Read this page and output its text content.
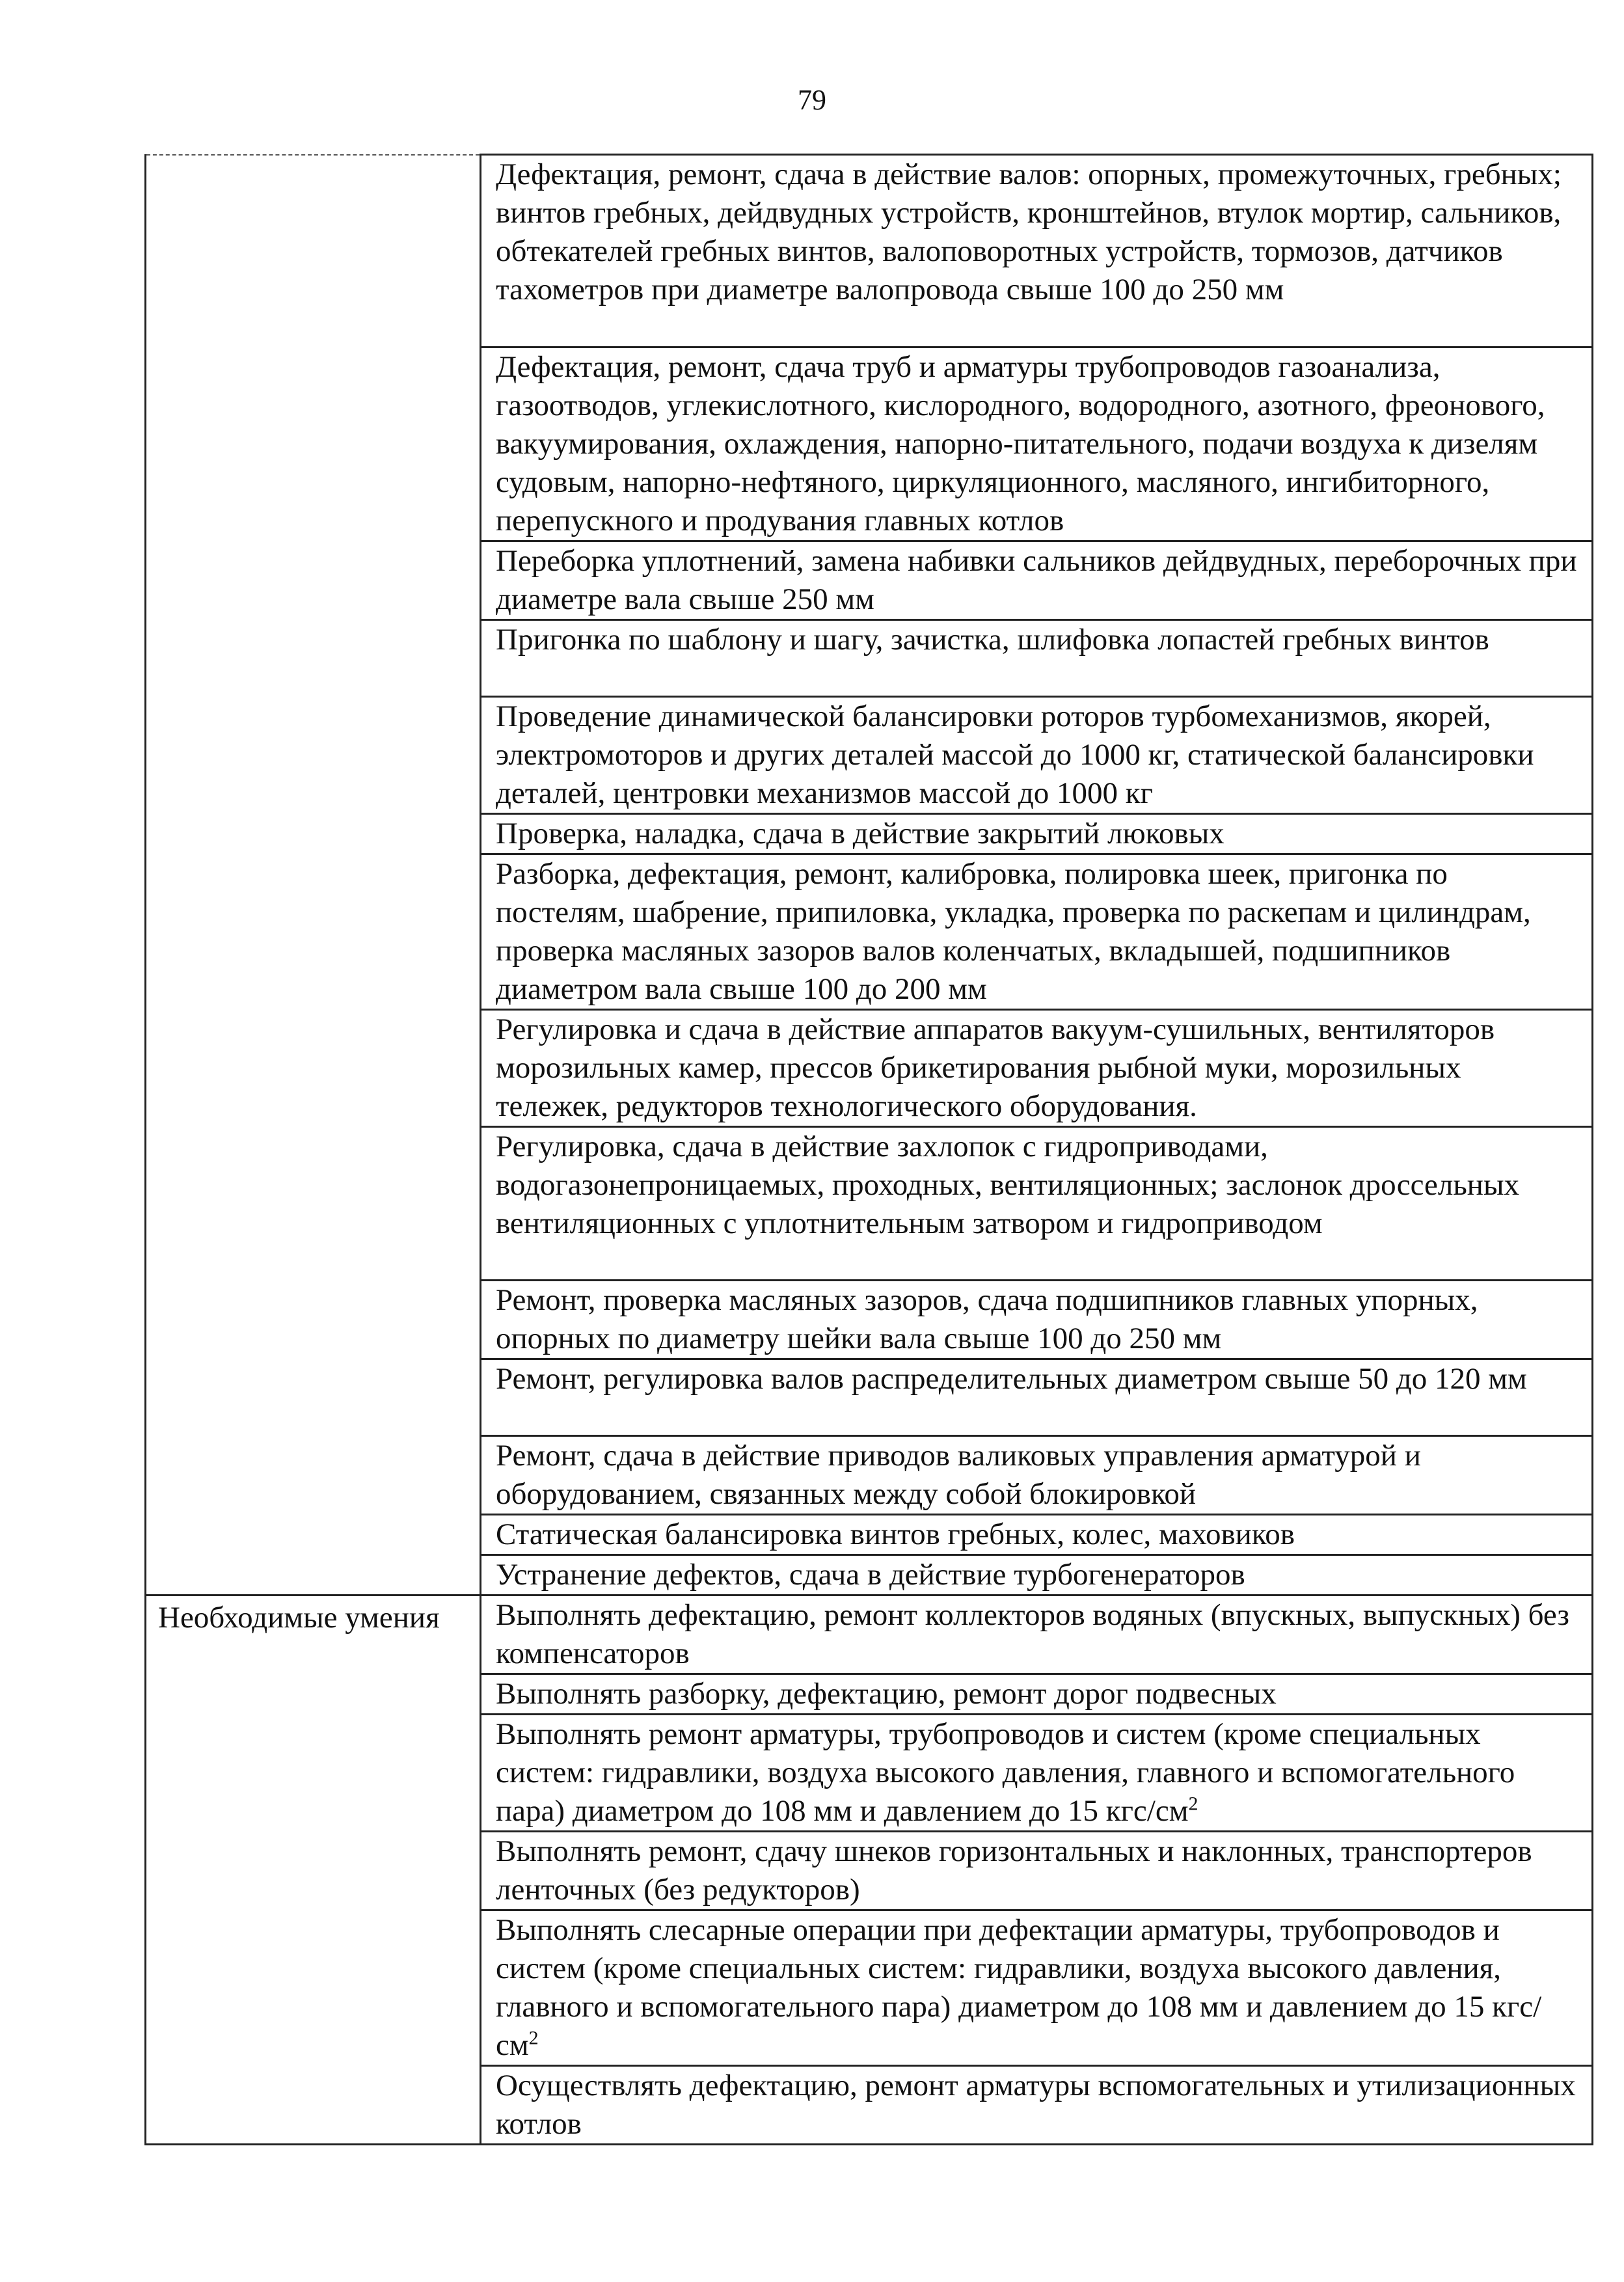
79

	Дефектация, ремонт, сдача в действие валов: опорных, промежуточных, гребных; винтов гребных, дейдвудных устройств, кронштейнов, втулок мортир, сальников, обтекателей гребных винтов, валоповоротных устройств, тормозов, датчиков тахометров при диаметре валопровода свыше 100 до 250 мм

	Дефектация, ремонт, сдача труб и арматуры трубопроводов газоанализа, газоотводов, углекислотного, кислородного, водородного, азотного, фреонового, вакуумирования, охлаждения, напорно-питательного, подачи воздуха к дизелям судовым, напорно-нефтяного, циркуляционного, масляного, ингибиторного, перепускного и продувания главных котлов

	Переборка уплотнений, замена набивки сальников дейдвудных, переборочных при диаметре вала свыше 250 мм

	Пригонка по шаблону и шагу, зачистка, шлифовка лопастей гребных винтов

	Проведение динамической балансировки роторов турбомеханизмов, якорей, электромоторов и других деталей массой до 1000 кг, статической балансировки деталей, центровки механизмов массой до 1000 кг

	Проверка, наладка, сдача в действие закрытий люковых

	Разборка, дефектация, ремонт, калибровка, полировка шеек, пригонка по постелям, шабрение, припиловка, укладка, проверка по раскепам и цилиндрам, проверка масляных зазоров валов коленчатых, вкладышей, подшипников диаметром вала свыше 100 до 200 мм

	Регулировка и сдача в действие аппаратов вакуум-сушильных, вентиляторов морозильных камер, прессов брикетирования рыбной муки, морозильных тележек, редукторов технологического оборудования.

	Регулировка, сдача в действие захлопок с гидроприводами, водогазонепроницаемых, проходных, вентиляционных; заслонок дроссельных вентиляционных с уплотнительным затвором и гидроприводом

	Ремонт, проверка масляных зазоров, сдача подшипников главных упорных, опорных по диаметру шейки вала свыше 100 до 250 мм

	Ремонт, регулировка валов распределительных диаметром свыше 50 до 120 мм

	Ремонт, сдача в действие приводов валиковых управления арматурой и оборудованием, связанных между собой блокировкой

	Статическая балансировка винтов гребных, колес, маховиков

	Устранение дефектов, сдача в действие турбогенераторов

Необходимые умения	Выполнять дефектацию, ремонт коллекторов водяных (впускных, выпускных) без компенсаторов

	Выполнять разборку, дефектацию, ремонт дорог подвесных

	Выполнять ремонт арматуры, трубопроводов и систем (кроме специальных систем: гидравлики, воздуха высокого давления, главного и вспомогательного пара) диаметром до 108 мм и давлением до 15 кгс/$см^2$

	Выполнять ремонт, сдачу шнеков горизонтальных и наклонных, транспортеров ленточных (без редукторов)

	Выполнять слесарные операции при дефектации арматуры, трубопроводов и систем (кроме специальных систем: гидравлики, воздуха высокого давления, главного и вспомогательного пара) диаметром до 108 мм и давлением до 15 кгс/$см^2$

	Осуществлять дефектацию, ремонт арматуры вспомогательных и утилизационных котлов
